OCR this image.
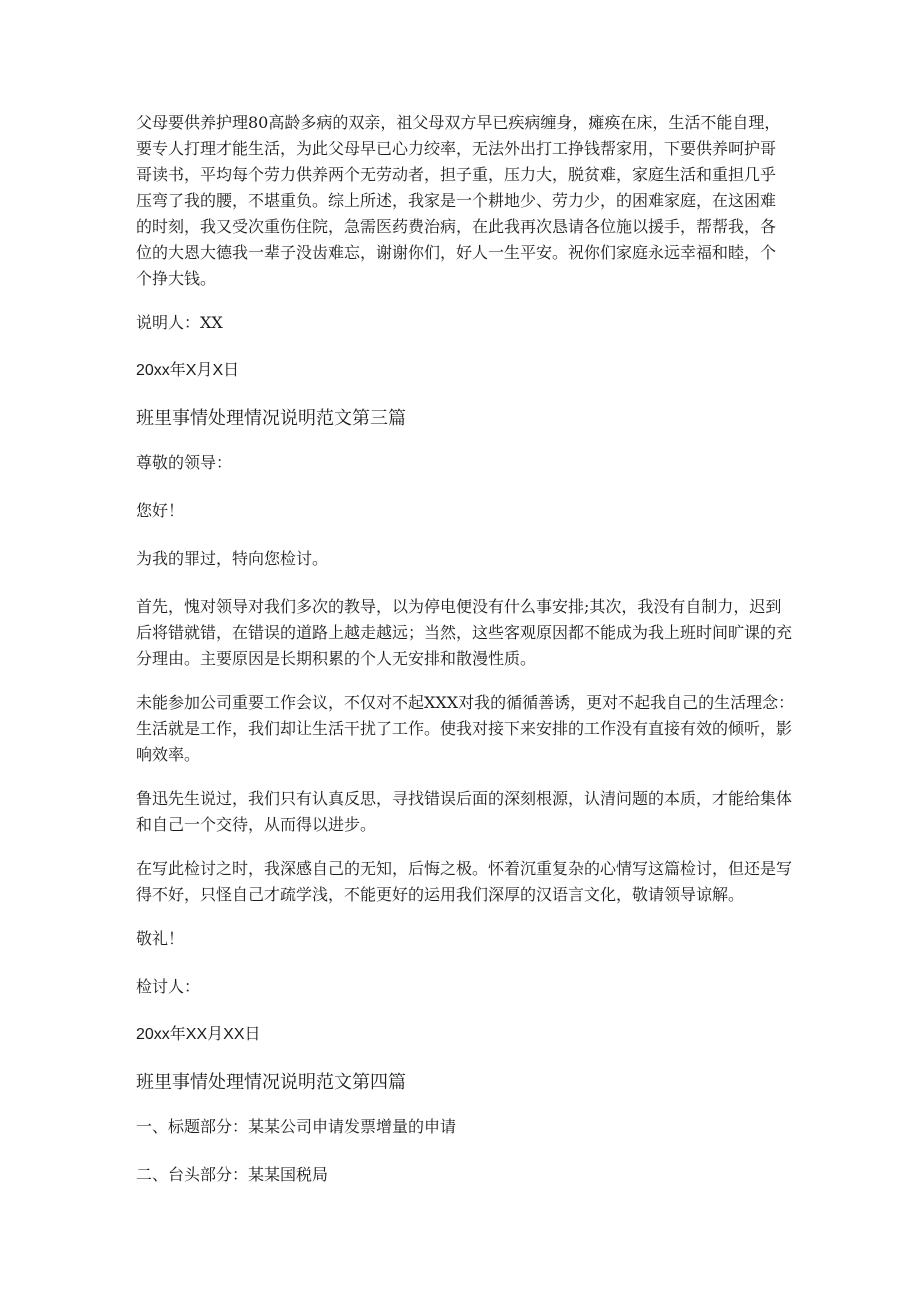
父母要供养护理80高龄多病的双亲，祖父母双方早已疾病缠身，瘫痪在床，生活不能自理，要专人打理才能生活，为此父母早已心力绞率，无法外出打工挣钱帮家用，下要供养呵护哥哥读书，平均每个劳力供养两个无劳动者，担子重，压力大，脱贫难，家庭生活和重担几乎压弯了我的腰，不堪重负。综上所述，我家是一个耕地少、劳力少，的困难家庭，在这困难的时刻，我又受次重伤住院，急需医药费治病，在此我再次恳请各位施以援手，帮帮我，各位的大恩大德我一辈子没齿难忘，谢谢你们，好人一生平安。祝你们家庭永远幸福和睦，个个挣大钱。

说明人：XX

20xx年X月X日

班里事情处理情况说明范文第三篇

尊敬的领导：

您好！

为我的罪过，特向您检讨。

首先，愧对领导对我们多次的教导，以为停电便没有什么事安排;其次，我没有自制力，迟到后将错就错，在错误的道路上越走越远；当然，这些客观原因都不能成为我上班时间旷课的充分理由。主要原因是长期积累的个人无安排和散漫性质。

未能参加公司重要工作会议，不仅对不起XXX对我的循循善诱，更对不起我自己的生活理念：生活就是工作，我们却让生活干扰了工作。使我对接下来安排的工作没有直接有效的倾听，影响效率。

鲁迅先生说过，我们只有认真反思，寻找错误后面的深刻根源，认清问题的本质，才能给集体和自己一个交待，从而得以进步。

在写此检讨之时，我深感自己的无知，后悔之极。怀着沉重复杂的心情写这篇检讨，但还是写得不好，只怪自己才疏学浅，不能更好的运用我们深厚的汉语言文化，敬请领导谅解。

敬礼！

检讨人：

20xx年XX月XX日

班里事情处理情况说明范文第四篇

一、标题部分：某某公司申请发票增量的申请

二、台头部分：某某国税局
